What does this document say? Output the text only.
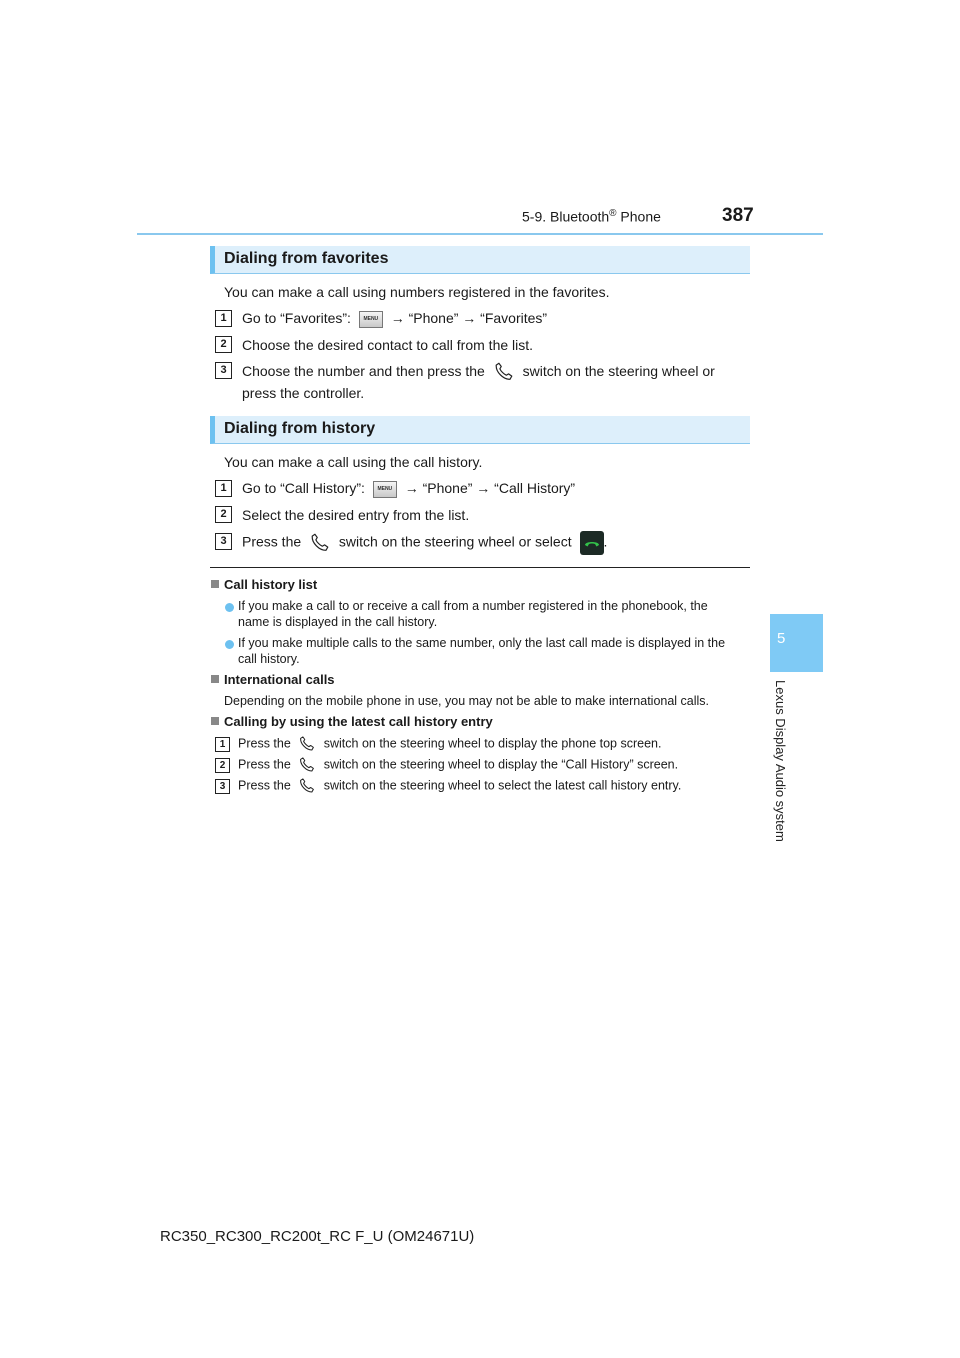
5-9. Bluetooth® Phone	387
5
Lexus Display Audio system
Dialing from favorites
You can make a call using numbers registered in the favorites.
1	Go to “Favorites”: MENU → “Phone” → “Favorites”
2	Choose the desired contact to call from the list.
3	Choose the number and then press the  switch on the steering wheel or
press the controller.
Dialing from history
You can make a call using the call history.
1	Go to “Call History”: MENU → “Phone” → “Call History”
2	Select the desired entry from the list.
3	Press the  switch on the steering wheel or select .
Call history list
If you make a call to or receive a call from a number registered in the phonebook, the
name is displayed in the call history.
If you make multiple calls to the same number, only the last call made is displayed in the
call history.
International calls
Depending on the mobile phone in use, you may not be able to make international calls.
Calling by using the latest call history entry
1	Press the  switch on the steering wheel to display the phone top screen.
2	Press the  switch on the steering wheel to display the “Call History” screen.
3	Press the  switch on the steering wheel to select the latest call history entry.
RC350_RC300_RC200t_RC F_U (OM24671U)
